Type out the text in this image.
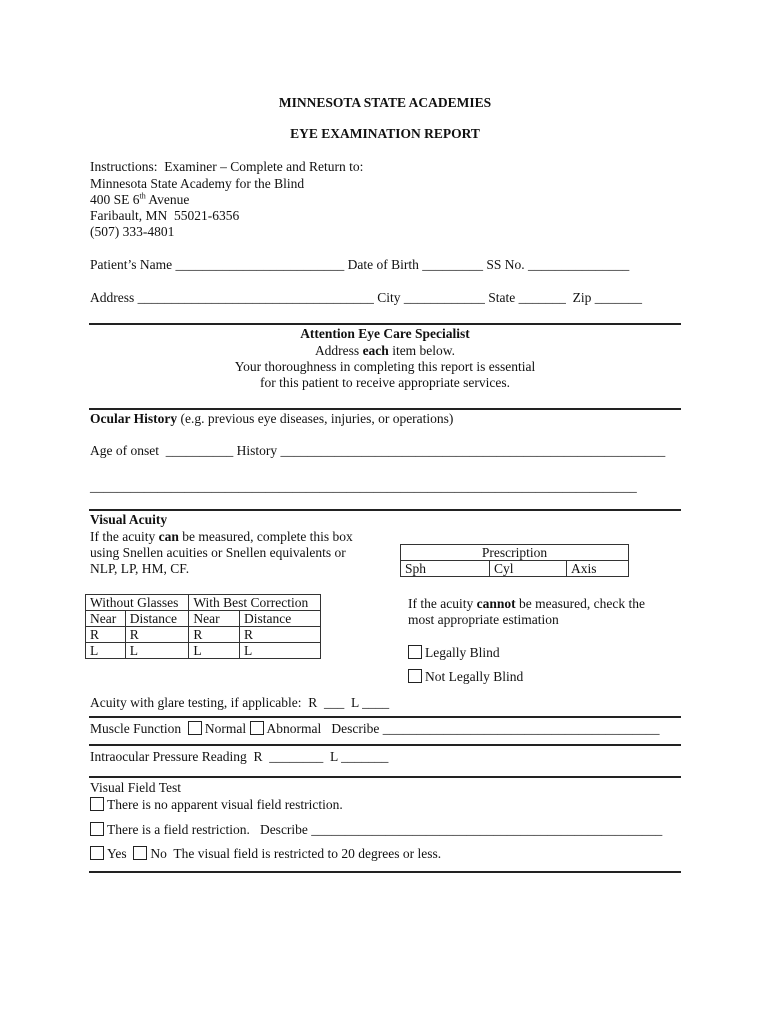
MINNESOTA STATE ACADEMIES
EYE EXAMINATION REPORT
Instructions:  Examiner – Complete and Return to:
Minnesota State Academy for the Blind
400 SE 6th Avenue
Faribault, MN  55021-6356
(507) 333-4801
Patient’s Name _________________________ Date of Birth _________ SS No. _______________
Address ___________________________________ City ____________ State _______  Zip _______
Attention Eye Care Specialist
Address each item below.
Your thoroughness in completing this report is essential
for this patient to receive appropriate services.
Ocular History (e.g. previous eye diseases, injuries, or operations)
Age of onset  __________ History _________________________________________________________
_________________________________________________________________________________
Visual Acuity
If the acuity can be measured, complete this box
using Snellen acuities or Snellen equivalents or
NLP, LP, HM, CF.
Prescription
Sph	Cyl	Axis
Without Glasses		With Best Correction	
Near	Distance	Near	Distance
R	R	R	R
L	L	L	L
If the acuity cannot be measured, check the
most appropriate estimation
Legally Blind
Not Legally Blind
Acuity with glare testing, if applicable:  R  ___  L ____
Muscle Function Normal Abnormal Describe _________________________________________
Intraocular Pressure Reading  R  ________  L _______
Visual Field Test
There is no apparent visual field restriction.
There is a field restriction.   Describe ____________________________________________________
Yes No The visual field is restricted to 20 degrees or less.
